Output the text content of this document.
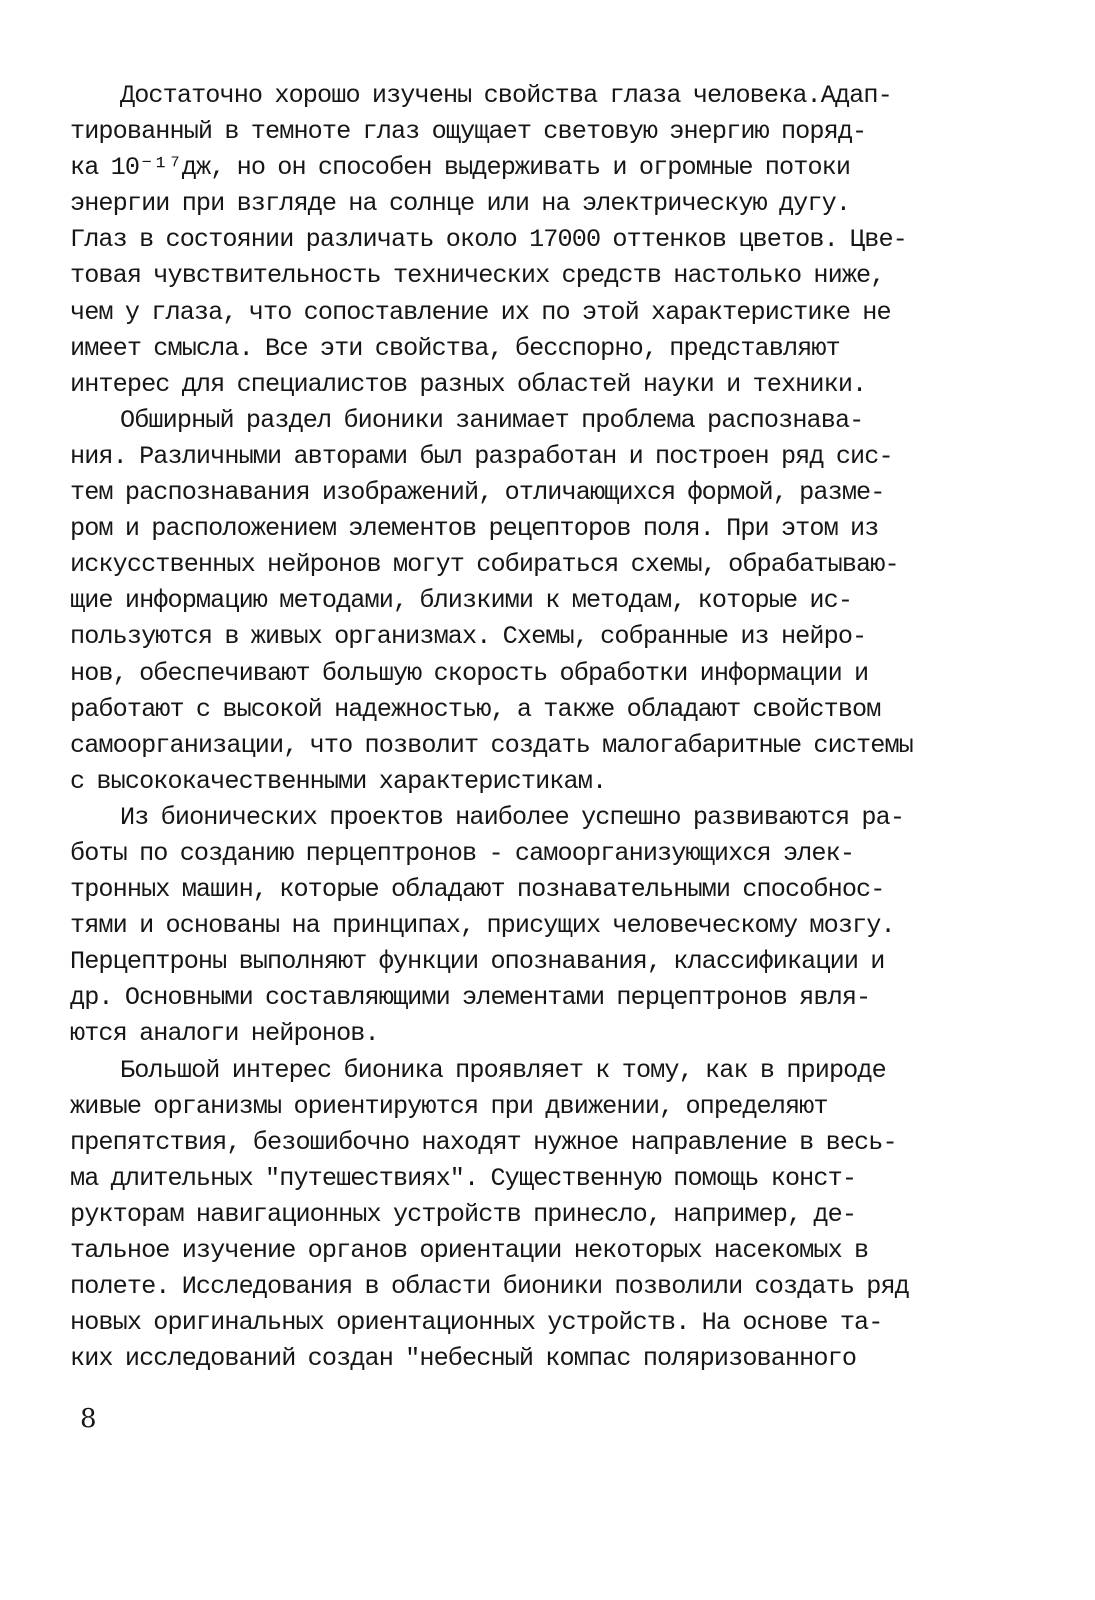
Достаточно хорошо изучены свойства глаза человека.Адап-
тированный в темноте глаз ощущает световую энергию поряд-
ка 10⁻¹⁷дж, но он способен выдерживать и огромные потоки
энергии при взгляде на солнце или на электрическую дугу.
Глаз в состоянии различать около 17000 оттенков цветов. Цве-
товая чувствительность технических средств настолько ниже,
чем у глаза, что сопоставление их по этой характеристике не
имеет смысла. Все эти свойства, бесспорно, представляют
интерес для специалистов разных областей науки и техники.
Обширный раздел бионики занимает проблема распознава-
ния. Различными авторами был разработан и построен ряд сис-
тем распознавания изображений, отличающихся формой, разме-
ром и расположением элементов рецепторов поля. При этом из
искусственных нейронов могут собираться схемы, обрабатываю-
щие информацию методами, близкими к методам, которые ис-
пользуются в живых организмах. Схемы, собранные из нейро-
нов, обеспечивают большую скорость обработки информации и
работают с высокой надежностью, а также обладают свойством
самоорганизации, что позволит создать малогабаритные системы
с высококачественными характеристикам.
Из бионических проектов наиболее успешно развиваются ра-
боты по созданию перцептронов - самоорганизующихся элек-
тронных машин, которые обладают познавательными способнос-
тями и основаны на принципах, присущих человеческому мозгу.
Перцептроны выполняют функции опознавания, классификации и
др. Основными составляющими элементами перцептронов явля-
ются аналоги нейронов.
Большой интерес бионика проявляет к тому, как в природе
живые организмы ориентируются при движении, определяют
препятствия, безошибочно находят нужное направление в весь-
ма длительных "путешествиях". Существенную помощь конст-
рукторам навигационных устройств принесло, например, де-
тальное изучение органов ориентации некоторых насекомых в
полете. Исследования в области бионики позволили создать ряд
новых оригинальных ориентационных устройств. На основе та-
ких исследований создан "небесный компас поляризованного
8
